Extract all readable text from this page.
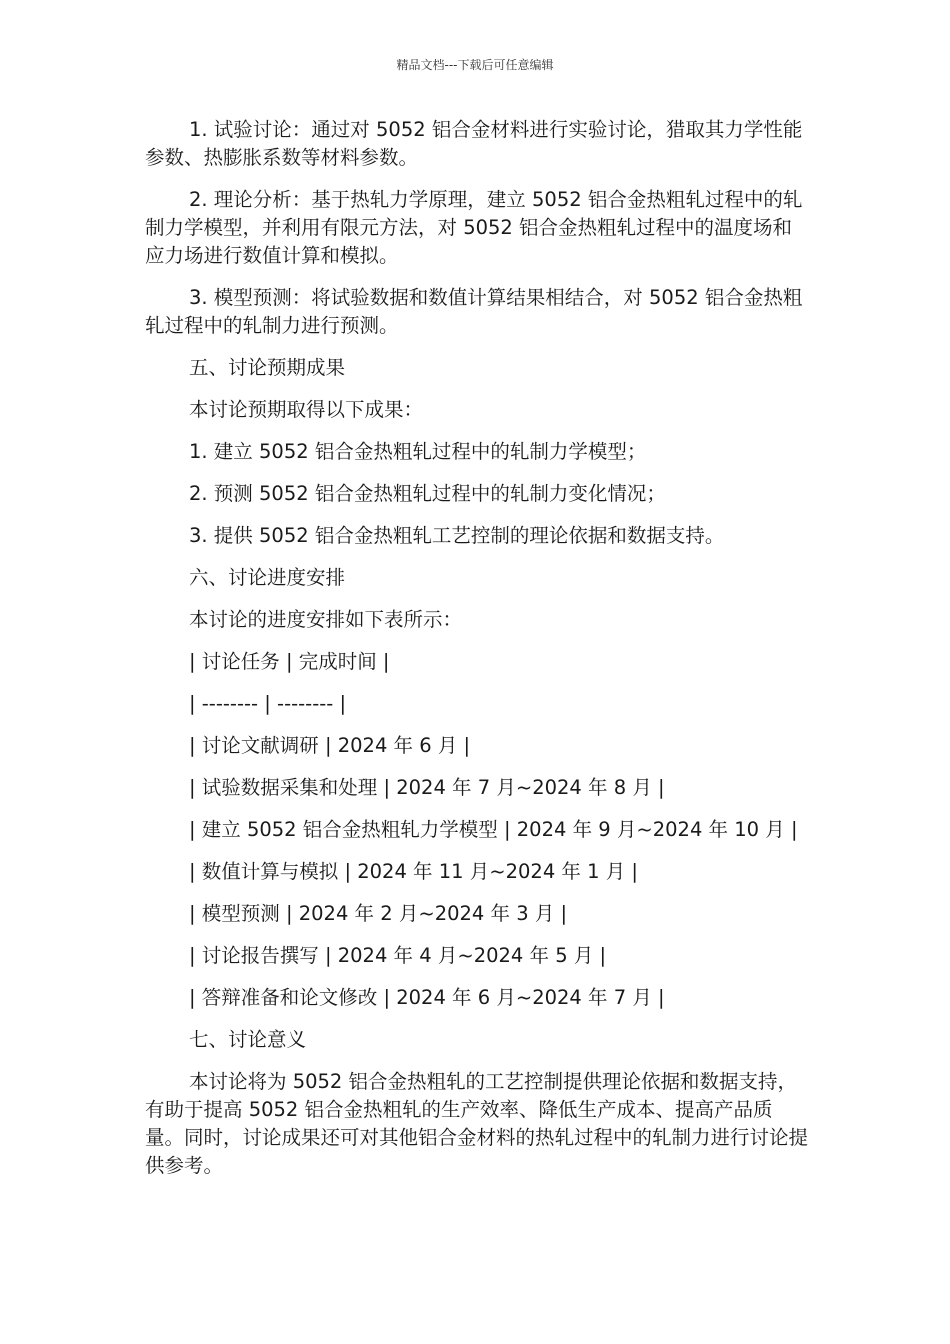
精品文档---下载后可任意编辑

1. 试验讨论：通过对 5052 铝合金材料进行实验讨论，猎取其力学性能参数、热膨胀系数等材料参数。

2. 理论分析：基于热轧力学原理，建立 5052 铝合金热粗轧过程中的轧制力学模型，并利用有限元方法，对 5052 铝合金热粗轧过程中的温度场和应力场进行数值计算和模拟。

3. 模型预测：将试验数据和数值计算结果相结合，对 5052 铝合金热粗轧过程中的轧制力进行预测。

五、讨论预期成果

本讨论预期取得以下成果：

1. 建立 5052 铝合金热粗轧过程中的轧制力学模型；

2. 预测 5052 铝合金热粗轧过程中的轧制力变化情况；

3. 提供 5052 铝合金热粗轧工艺控制的理论依据和数据支持。

六、讨论进度安排

本讨论的进度安排如下表所示：

| 讨论任务 | 完成时间 |

| -------- | -------- |

| 讨论文献调研 | 2024 年 6 月 |

| 试验数据采集和处理 | 2024 年 7 月~2024 年 8 月 |

| 建立 5052 铝合金热粗轧力学模型 | 2024 年 9 月~2024 年 10 月 |

| 数值计算与模拟 | 2024 年 11 月~2024 年 1 月 |

| 模型预测 | 2024 年 2 月~2024 年 3 月 |

| 讨论报告撰写 | 2024 年 4 月~2024 年 5 月 |

| 答辩准备和论文修改 | 2024 年 6 月~2024 年 7 月 |

七、讨论意义

本讨论将为 5052 铝合金热粗轧的工艺控制提供理论依据和数据支持，有助于提高 5052 铝合金热粗轧的生产效率、降低生产成本、提高产品质量。同时，讨论成果还可对其他铝合金材料的热轧过程中的轧制力进行讨论提供参考。
